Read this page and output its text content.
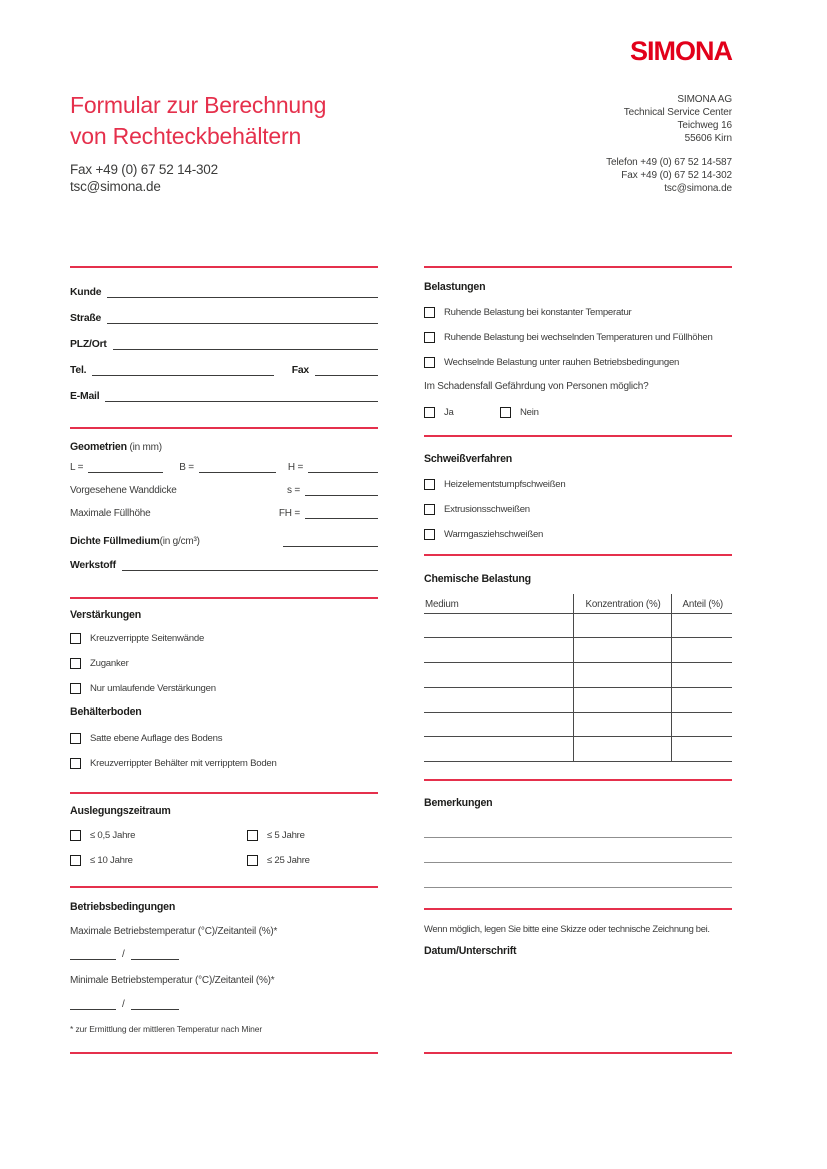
SIMONA
SIMONA AG
Technical Service Center
Teichweg 16
55606 Kirn
Telefon +49 (0) 67 52 14-587
Fax +49 (0) 67 52 14-302
tsc@simona.de
Formular zur Berechnung
von Rechteckbehältern
Fax +49 (0) 67 52 14-302
tsc@simona.de
Kunde
Straße
PLZ/Ort
Tel.	Fax
E-Mail
Geometrien (in mm)
L =	B =	H =
Vorgesehene Wanddicke	s =
Maximale Füllhöhe	FH =
Dichte Füllmedium (in g/cm³)
Werkstoff
Verstärkungen
Kreuzverrippte Seitenwände
Zuganker
Nur umlaufende Verstärkungen
Behälterboden
Satte ebene Auflage des Bodens
Kreuzverrippter Behälter mit verripptem Boden
Auslegungszeitraum
≤ 0,5 Jahre	≤ 5 Jahre
≤ 10 Jahre	≤ 25 Jahre
Betriebsbedingungen
Maximale Betriebstemperatur (°C)/Zeitanteil (%)*
/
Minimale Betriebstemperatur (°C)/Zeitanteil (%)*
/
* zur Ermittlung der mittleren Temperatur nach Miner
Belastungen
Ruhende Belastung bei konstanter Temperatur
Ruhende Belastung bei wechselnden Temperaturen und Füllhöhen
Wechselnde Belastung unter rauhen Betriebsbedingungen
Im Schadensfall Gefährdung von Personen möglich?
Ja	Nein
Schweißverfahren
Heizelementstumpfschweißen
Extrusionsschweißen
Warmgasziehschweißen
Chemische Belastung
Medium	Konzentration (%)	Anteil (%)

Bemerkungen
Wenn möglich, legen Sie bitte eine Skizze oder technische Zeichnung bei.
Datum/Unterschrift
